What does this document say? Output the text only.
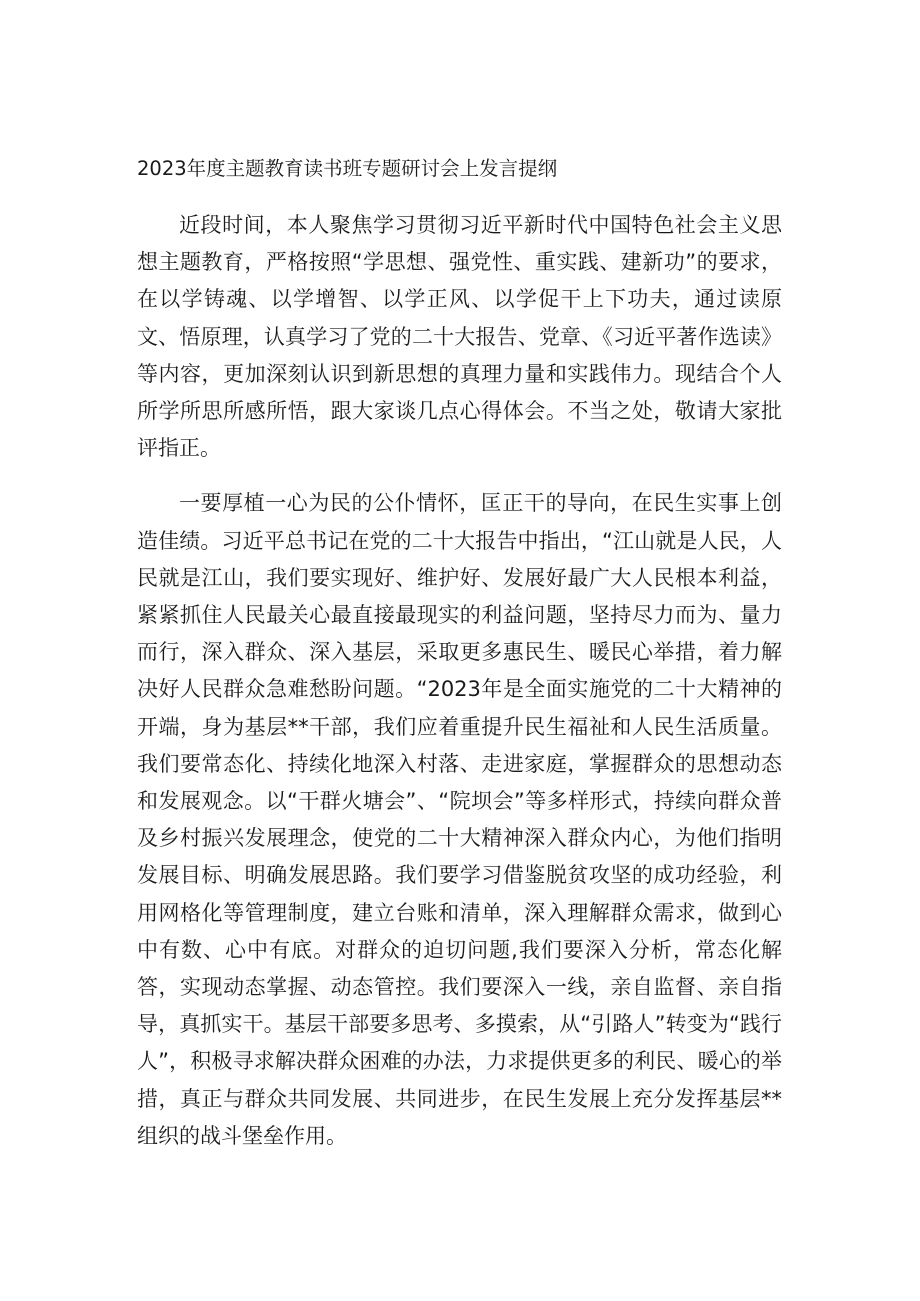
2023年度主题教育读书班专题研讨会上发言提纲

近段时间，本人聚焦学习贯彻习近平新时代中国特色社会主义思想主题教育，严格按照“学思想、强党性、重实践、建新功”的要求，在以学铸魂、以学增智、以学正风、以学促干上下功夫，通过读原文、悟原理，认真学习了党的二十大报告、党章、《习近平著作选读》等内容，更加深刻认识到新思想的真理力量和实践伟力。现结合个人所学所思所感所悟，跟大家谈几点心得体会。不当之处，敬请大家批评指正。

一要厚植一心为民的公仆情怀，匡正干的导向，在民生实事上创造佳绩。习近平总书记在党的二十大报告中指出，“江山就是人民，人民就是江山，我们要实现好、维护好、发展好最广大人民根本利益，紧紧抓住人民最关心最直接最现实的利益问题，坚持尽力而为、量力而行，深入群众、深入基层，采取更多惠民生、暖民心举措，着力解决好人民群众急难愁盼问题。“2023年是全面实施党的二十大精神的开端，身为基层**干部，我们应着重提升民生福祉和人民生活质量。我们要常态化、持续化地深入村落、走进家庭，掌握群众的思想动态和发展观念。以“干群火塘会”、“院坝会”等多样形式，持续向群众普及乡村振兴发展理念，使党的二十大精神深入群众内心，为他们指明发展目标、明确发展思路。我们要学习借鉴脱贫攻坚的成功经验，利用网格化等管理制度，建立台账和清单，深入理解群众需求，做到心中有数、心中有底。对群众的迫切问题,我们要深入分析，常态化解答，实现动态掌握、动态管控。我们要深入一线，亲自监督、亲自指导，真抓实干。基层干部要多思考、多摸索，从“引路人”转变为“践行人”，积极寻求解决群众困难的办法，力求提供更多的利民、暖心的举措，真正与群众共同发展、共同进步，在民生发展上充分发挥基层**组织的战斗堡垒作用。
